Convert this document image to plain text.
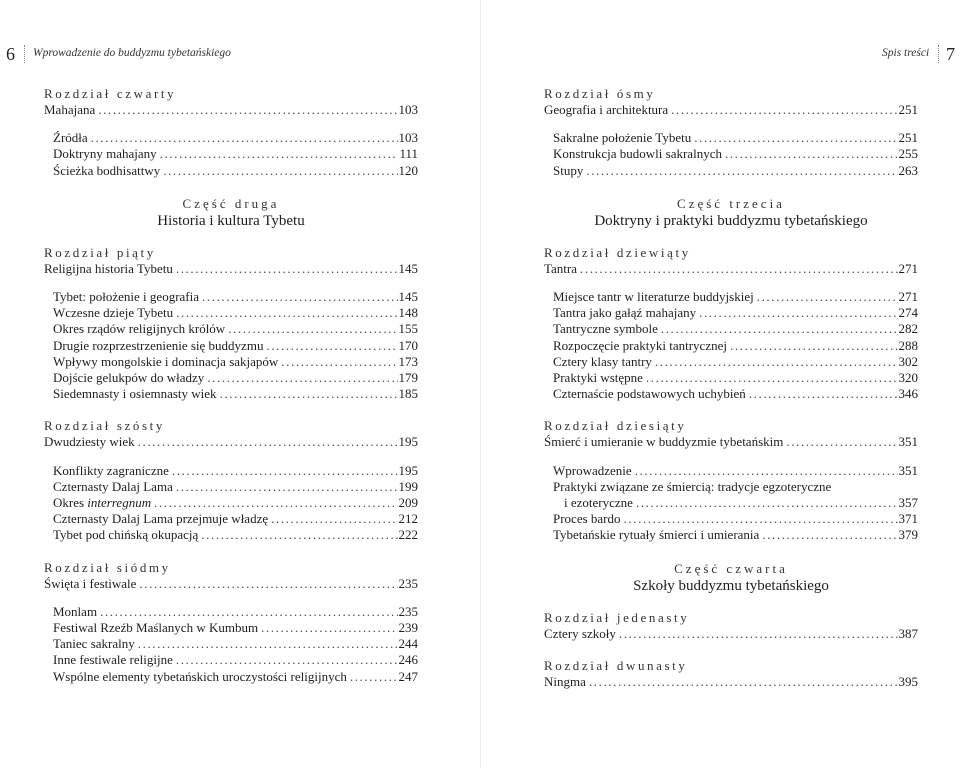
6 Wprowadzenie do buddyzmu tybetańskiego
Rozdział czwarty
Mahajana .....	103
Źródła .....	103
Doktryny mahajany .....	111
Ścieżka bodhisattwy .....	120
Część druga
Historia i kultura Tybetu
Rozdział piąty
Religijna historia Tybetu .....	145
Tybet: położenie i geografia .....	145
Wczesne dzieje Tybetu .....	148
Okres rządów religijnych królów .....	155
Drugie rozprzestrzenienie się buddyzmu .....	170
Wpływy mongolskie i dominacja sakjapów .....	173
Dojście gelukpów do władzy .....	179
Siedemnasty i osiemnasty wiek .....	185
Rozdział szósty
Dwudziesty wiek .....	195
Konflikty zagraniczne .....	195
Czternasty Dalaj Lama .....	199
Okres interregnum .....	209
Czternasty Dalaj Lama przejmuje władzę .....	212
Tybet pod chińską okupacją .....	222
Rozdział siódmy
Święta i festiwale .....	235
Monlam .....	235
Festiwal Rzeźb Maślanych w Kumbum .....	239
Taniec sakralny .....	244
Inne festiwale religijne .....	246
Wspólne elementy tybetańskich uroczystości religijnych .....	247
Spis treści 7
Rozdział ósmy
Geografia i architektura .....	251
Sakralne położenie Tybetu .....	251
Konstrukcja budowli sakralnych .....	255
Stupy .....	263
Część trzecia
Doktryny i praktyki buddyzmu tybetańskiego
Rozdział dziewiąty
Tantra .....	271
Miejsce tantr w literaturze buddyjskiej .....	271
Tantra jako gałąź mahajany .....	274
Tantryczne symbole .....	282
Rozpoczęcie praktyki tantrycznej .....	288
Cztery klasy tantry .....	302
Praktyki wstępne .....	320
Czternaście podstawowych uchybień .....	346
Rozdział dziesiąty
Śmierć i umieranie w buddyzmie tybetańskim .....	351
Wprowadzenie .....	351
Praktyki związane ze śmiercią: tradycje egzoteryczne
i ezoteryczne .....	357
Proces bardo .....	371
Tybetańskie rytuały śmierci i umierania .....	379
Część czwarta
Szkoły buddyzmu tybetańskiego
Rozdział jedenasty
Cztery szkoły .....	387
Rozdział dwunasty
Ningma .....	395
